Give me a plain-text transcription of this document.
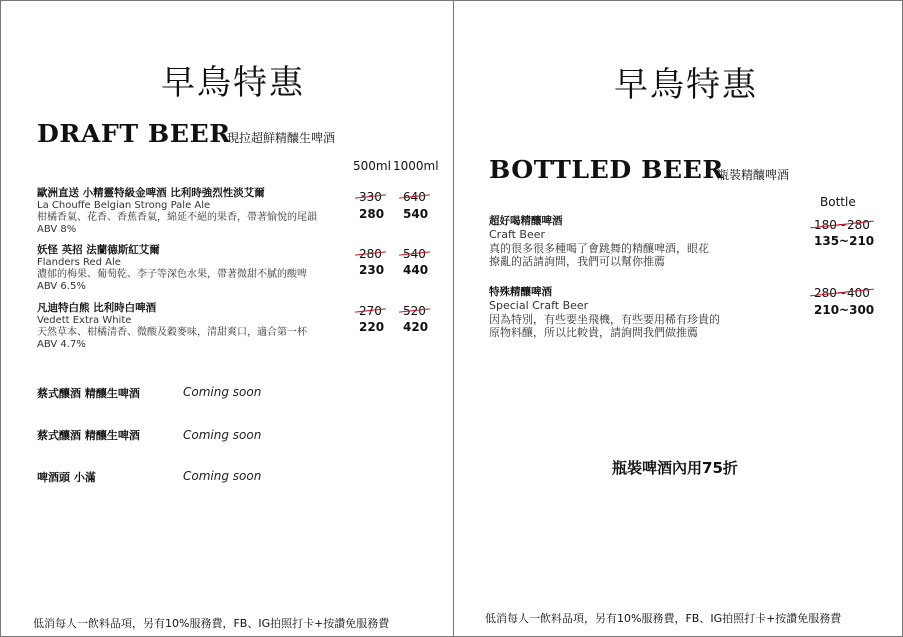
早鳥特惠
DRAFT BEER
現拉超鮮精釀生啤酒
500ml 1000ml
歐洲直送 小精靈特級金啤酒 比利時強烈性淡艾爾
La Chouffe Belgian Strong Pale Ale
柑橘香氣、花香、香蕉香氣，綿延不絕的果香，帶著愉悅的尾韻
ABV 8%
330 640
280 540
妖怪 英招 法蘭德斯紅艾爾
Flanders Red Ale
濃郁的梅果、葡萄乾、李子等深色水果，帶著微甜不膩的酸啤
ABV 6.5%
280 540
230 440
凡迪特白熊 比利時白啤酒
Vedett Extra White
天然草本、柑橘清香、微酸及穀麥味，清甜爽口，適合第一杯
ABV 4.7%
270 520
220 420
蔡式釀酒 精釀生啤酒	Coming soon
蔡式釀酒 精釀生啤酒	Coming soon
啤酒頭 小滿	Coming soon
低消每人一飲料品項，另有10%服務費，FB、IG拍照打卡+按讚免服務費
早鳥特惠
BOTTLED BEER
瓶裝精釀啤酒
Bottle
超好喝精釀啤酒
Craft Beer
真的很多很多種喝了會跳舞的精釀啤酒，眼花
撩亂的話請詢問，我們可以幫你推薦
180~280
135~210
特殊精釀啤酒
Special Craft Beer
因為特別，有些要坐飛機，有些要用稀有珍貴的
原物料釀，所以比較貴，請詢問我們做推薦
280~400
210~300
瓶裝啤酒內用75折
低消每人一飲料品項，另有10%服務費，FB、IG拍照打卡+按讚免服務費
